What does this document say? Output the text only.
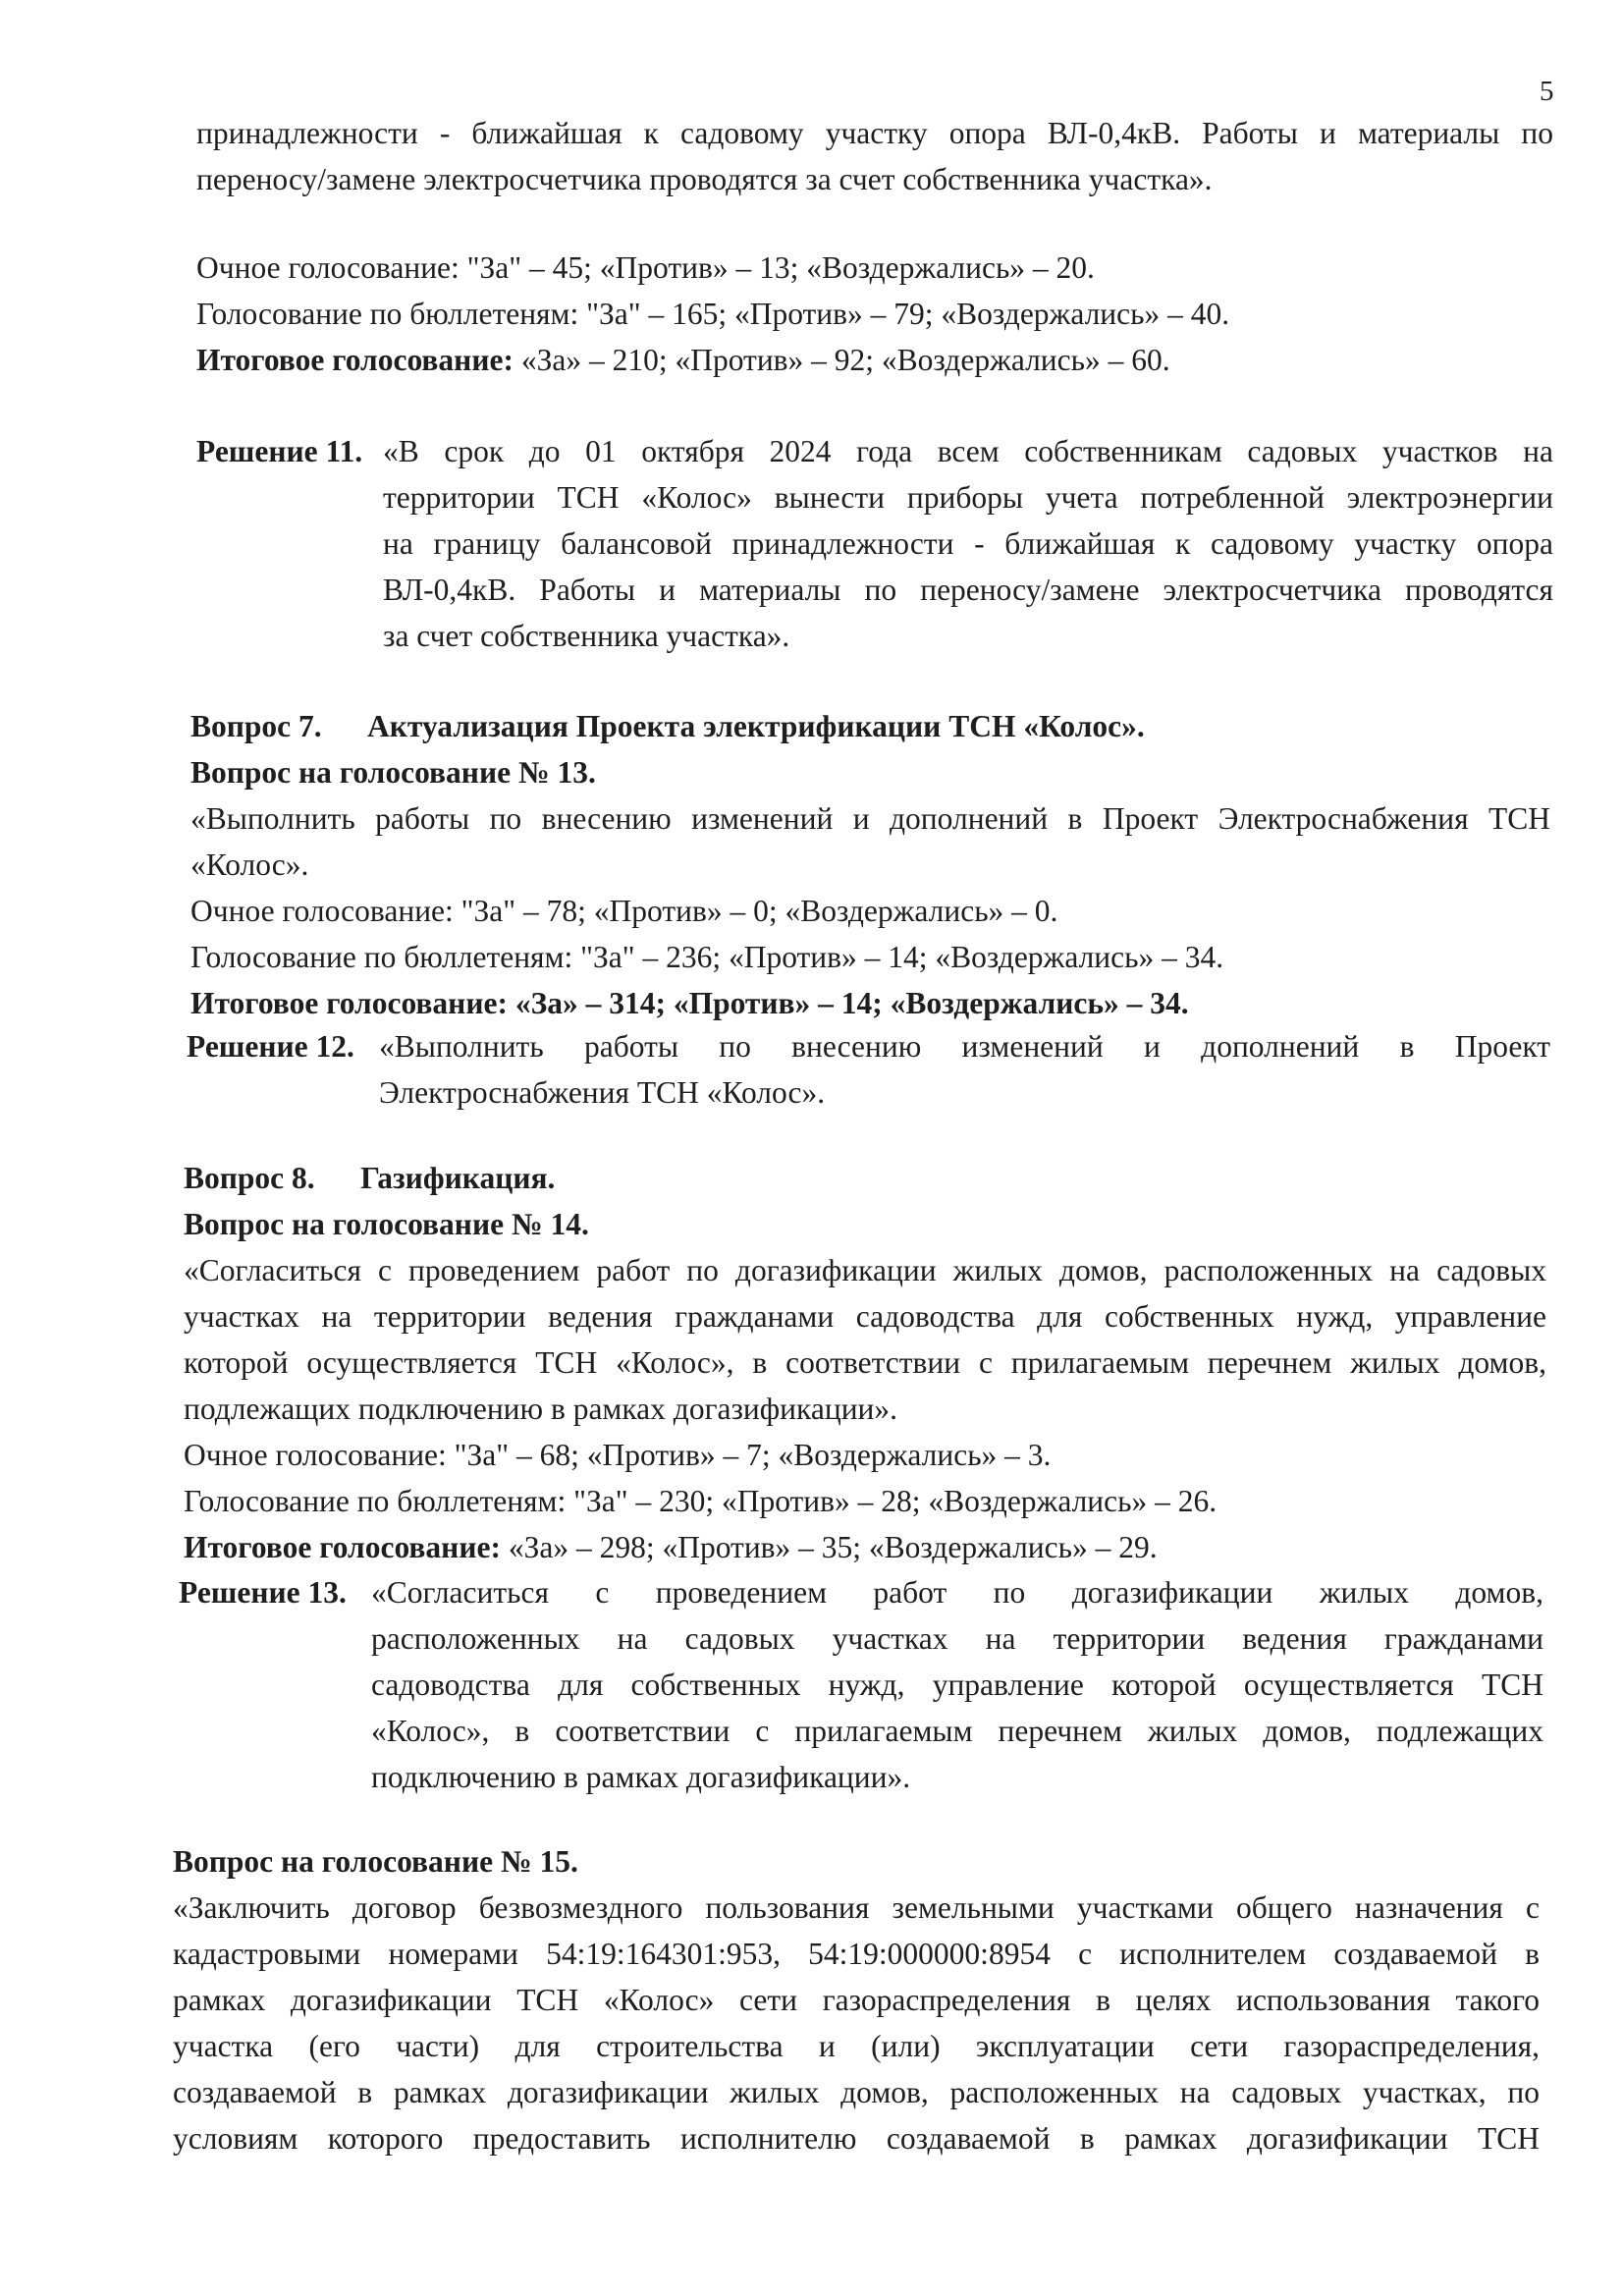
5

принадлежности - ближайшая к садовому участку опора ВЛ-0,4кВ. Работы и материалы по

переносу/замене электросчетчика проводятся за счет собственника участка».

Очное голосование: "За" – 45; «Против» – 13; «Воздержались» – 20.

Голосование по бюллетеням: "За" – 165; «Против» – 79; «Воздержались» – 40.

Итоговое голосование: «За» – 210; «Против» – 92; «Воздержались» – 60.

Решение 11. «В срок до 01 октября 2024 года всем собственникам садовых участков на

территории ТСН «Колос» вынести приборы учета потребленной электроэнергии

на границу балансовой принадлежности - ближайшая к садовому участку опора

ВЛ-0,4кВ. Работы и материалы по переносу/замене электросчетчика проводятся

за счет собственника участка».

Вопрос 7.	Актуализация Проекта электрификации ТСН «Колос».

Вопрос на голосование № 13.

«Выполнить работы по внесению изменений и дополнений в Проект Электроснабжения ТСН

«Колос».

Очное голосование: "За" – 78; «Против» – 0; «Воздержались» – 0.

Голосование по бюллетеням: "За" – 236; «Против» – 14; «Воздержались» – 34.

Итоговое голосование: «За» – 314; «Против» – 14; «Воздержались» – 34.

Решение 12. «Выполнить работы по внесению изменений и дополнений в Проект

Электроснабжения ТСН «Колос».

Вопрос 8.	Газификация.

Вопрос на голосование № 14.

«Согласиться с проведением работ по догазификации жилых домов, расположенных на садовых

участках на территории ведения гражданами садоводства для собственных нужд, управление

которой осуществляется ТСН «Колос», в соответствии с прилагаемым перечнем жилых домов,

подлежащих подключению в рамках догазификации».

Очное голосование: "За" – 68; «Против» – 7; «Воздержались» – 3.

Голосование по бюллетеням: "За" – 230; «Против» – 28; «Воздержались» – 26.

Итоговое голосование: «За» – 298; «Против» – 35; «Воздержались» – 29.

Решение 13. «Согласиться с проведением работ по догазификации жилых домов,

расположенных на садовых участках на территории ведения гражданами

садоводства для собственных нужд, управление которой осуществляется ТСН

«Колос», в соответствии с прилагаемым перечнем жилых домов, подлежащих

подключению в рамках догазификации».

Вопрос на голосование № 15.

«Заключить договор безвозмездного пользования земельными участками общего назначения с

кадастровыми номерами 54:19:164301:953, 54:19:000000:8954 с исполнителем создаваемой в

рамках догазификации ТСН «Колос» сети газораспределения в целях использования такого

участка (его части) для строительства и (или) эксплуатации сети газораспределения,

создаваемой в рамках догазификации жилых домов, расположенных на садовых участках, по

условиям которого предоставить исполнителю создаваемой в рамках догазификации ТСН
